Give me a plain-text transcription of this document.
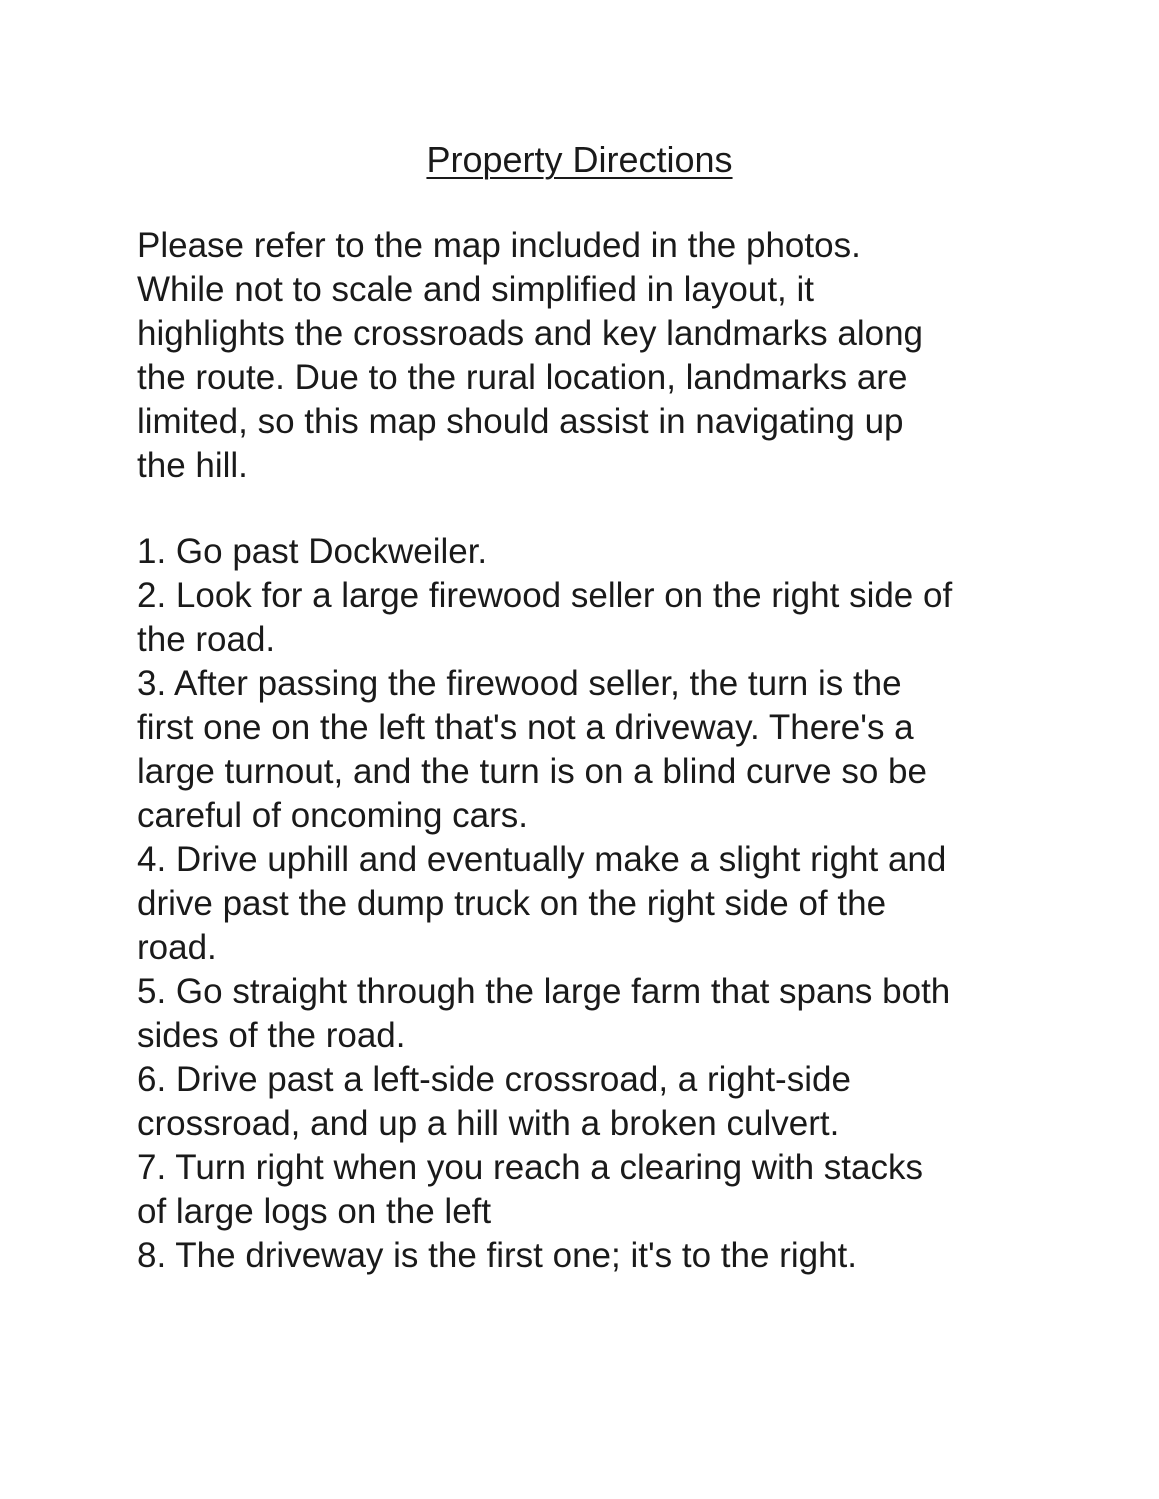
Property Directions

Please refer to the map included in the photos.
While not to scale and simplified in layout, it
highlights the crossroads and key landmarks along
the route. Due to the rural location, landmarks are
limited, so this map should assist in navigating up
the hill.

1. Go past Dockweiler.
2. Look for a large firewood seller on the right side of
the road.
3. After passing the firewood seller, the turn is the
first one on the left that's not a driveway. There's a
large turnout, and the turn is on a blind curve so be
careful of oncoming cars.
4. Drive uphill and eventually make a slight right and
drive past the dump truck on the right side of the
road.
5. Go straight through the large farm that spans both
sides of the road.
6. Drive past a left-side crossroad, a right-side
crossroad, and up a hill with a broken culvert.
7. Turn right when you reach a clearing with stacks
of large logs on the left
8. The driveway is the first one; it's to the right.
